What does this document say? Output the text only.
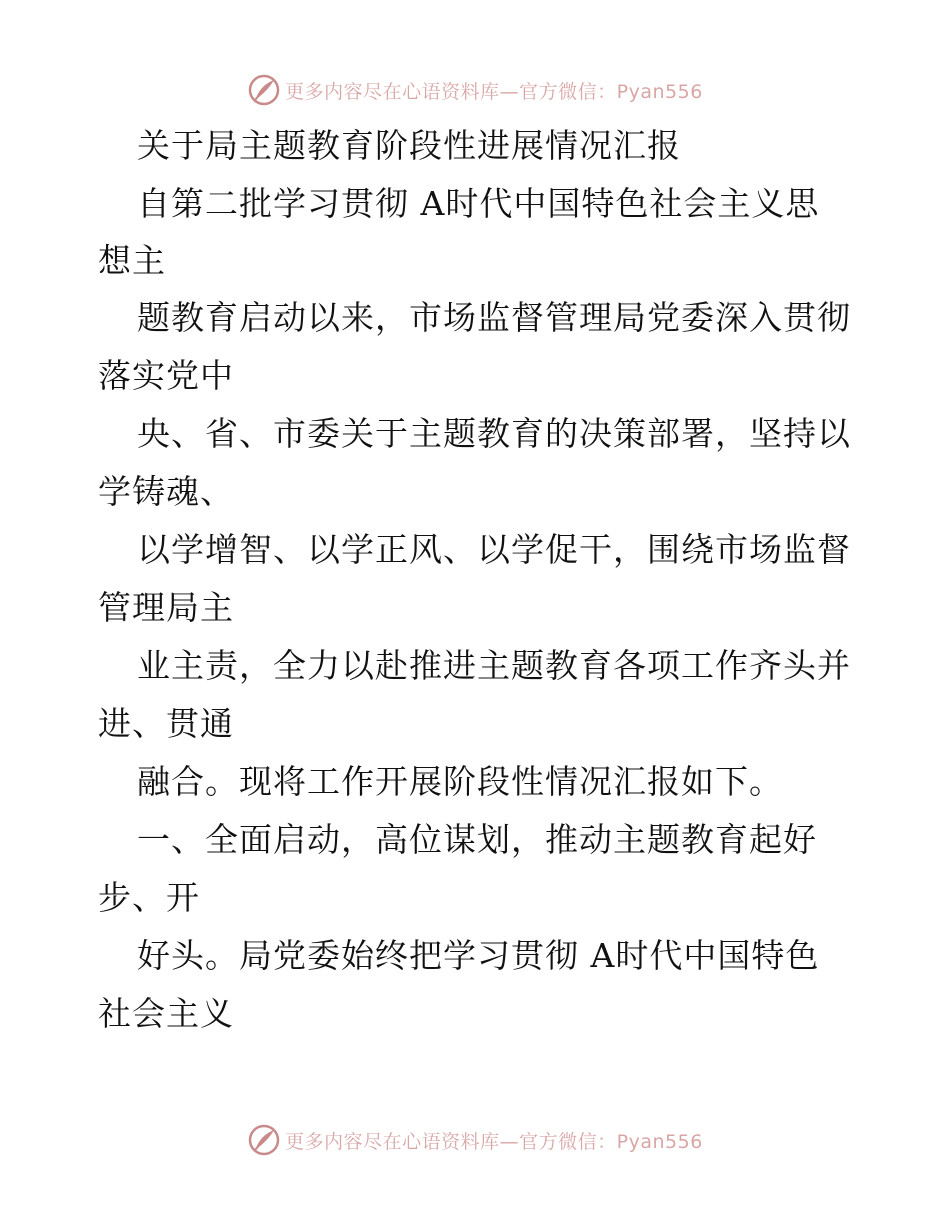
更多内容尽在心语资料库—官方微信：Pyan556
关于局主题教育阶段性进展情况汇报
自第二批学习贯彻 A时代中国特色社会主义思
想主
题教育启动以来，市场监督管理局党委深入贯彻
落实党中
央、省、市委关于主题教育的决策部署，坚持以
学铸魂、
以学增智、以学正风、以学促干，围绕市场监督
管理局主
业主责，全力以赴推进主题教育各项工作齐头并
进、贯通
融合。现将工作开展阶段性情况汇报如下。
一、全面启动，高位谋划，推动主题教育起好
步、开
好头。局党委始终把学习贯彻 A时代中国特色
社会主义
更多内容尽在心语资料库—官方微信：Pyan556
